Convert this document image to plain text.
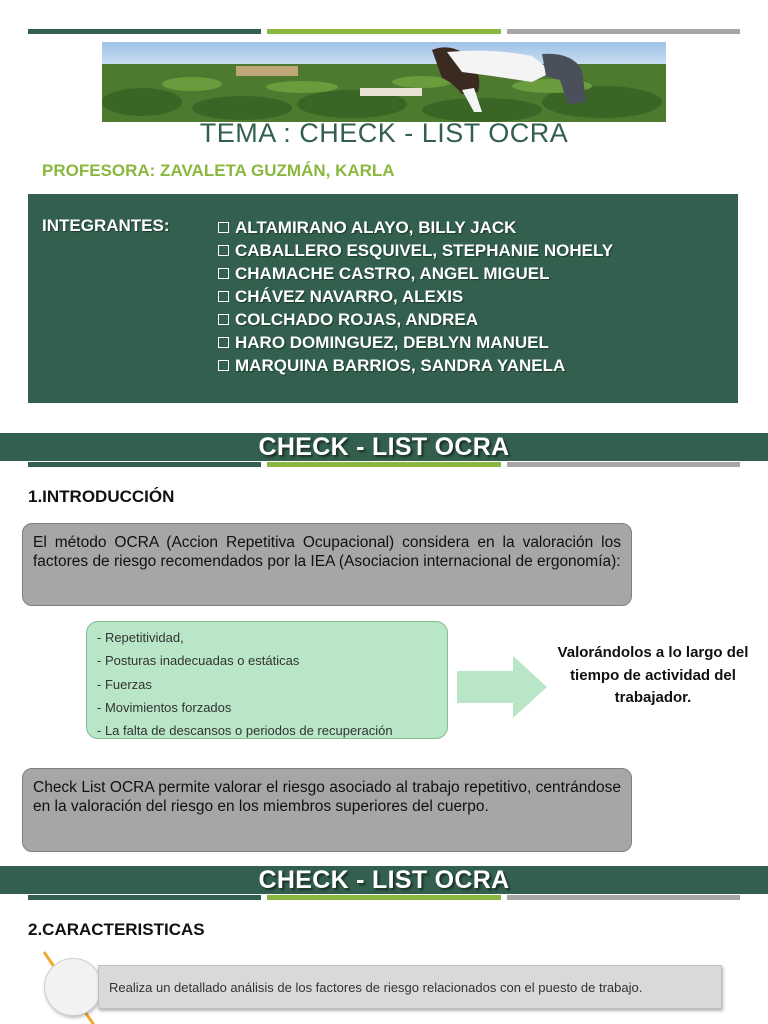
TEMA : CHECK - LIST OCRA
PROFESORA: ZAVALETA GUZMÁN, KARLA
INTEGRANTES:	ALTAMIRANO ALAYO, BILLY JACK
CABALLERO ESQUIVEL, STEPHANIE NOHELY
CHAMACHE CASTRO, ANGEL MIGUEL
CHÁVEZ NAVARRO, ALEXIS
COLCHADO ROJAS, ANDREA
HARO DOMINGUEZ, DEBLYN MANUEL
MARQUINA BARRIOS, SANDRA YANELA
CHECK - LIST OCRA
1.INTRODUCCIÓN
El método OCRA (Accion Repetitiva Ocupacional) considera en la valoración los factores de riesgo recomendados por la IEA (Asociacion internacional de ergonomía):
- Repetitividad,
- Posturas inadecuadas o estáticas
- Fuerzas
- Movimientos forzados
- La falta de descansos o periodos de recuperación
Valorándolos a lo largo del tiempo de actividad del trabajador.
Check List OCRA permite valorar el riesgo asociado al trabajo repetitivo, centrándose en la valoración del riesgo en los miembros superiores del cuerpo.
CHECK - LIST OCRA
2.CARACTERISTICAS
Realiza un detallado análisis de los factores de riesgo relacionados con el puesto de trabajo.
